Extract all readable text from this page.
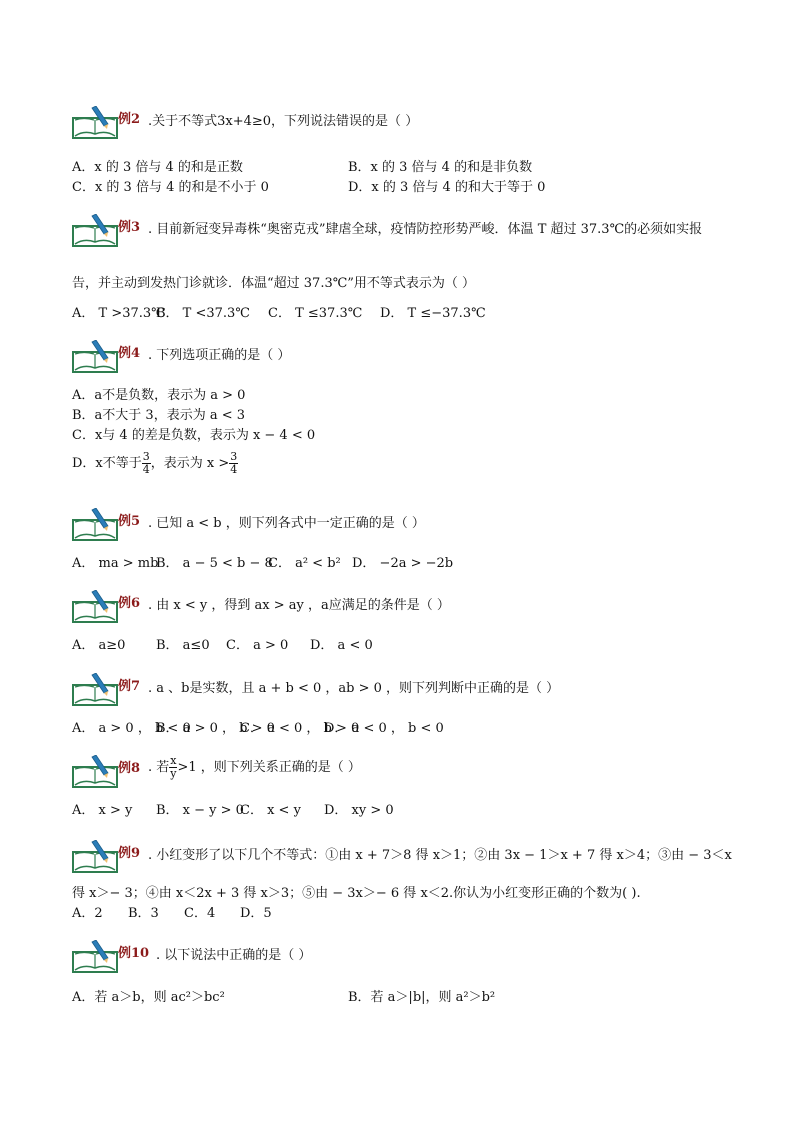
例2 .关于不等式3x+4≥0，下列说法错误的是（ ）
A．x 的 3 倍与 4 的和是正数	B．x 的 3 倍与 4 的和是非负数
C．x 的 3 倍与 4 的和是不小于 0	D．x 的 3 倍与 4 的和大于等于 0
例3 . 目前新冠变异毒株“奥密克戎”肆虐全球，疫情防控形势严峻．体温 T 超过 37.3℃的必须如实报
告，并主动到发热门诊就诊．体温“超过 37.3℃”用不等式表示为（ ）
A． T >37.3℃
B． T <37.3℃	C． T ≤37.3℃	D． T ≤−37.3℃
例4 . 下列选项正确的是（ ）
A．a不是负数，表示为 a > 0
B．a不大于 3，表示为 a < 3
C．x与 4 的差是负数，表示为 x − 4 < 0
D．x不等于 $\frac{3}{4}$ ，表示为 $x > \frac{3}{4}$
例5 . 已知 a < b ，则下列各式中一定正确的是（ ）
A． ma > mb
B． a − 5 < b − 8
C． a² < b² D． −2a > −2b
例6 . 由 x < y ，得到 ax > ay ，a应满足的条件是（ ）
A． a≥0	B． a≤0	C． a > 0	D． a < 0
例7 . a 、b是实数，且 a + b < 0 ，ab > 0 ，则下列判断中正确的是（ ）
A． a > 0 ， b < 0
B． a > 0 ， b > 0
C． a < 0 ， b > 0
D． a < 0 ， b < 0
例8 . 若 $\frac{x}{y} >1$ ，则下列关系正确的是（ ）
A． x > y	B． x − y > 0
C． x < y	D． xy > 0
例9 . 小红变形了以下几个不等式：①由 x + 7＞8 得 x＞1；②由 3x − 1＞x + 7 得 x＞4；③由 − 3＜x
得 x＞− 3；④由 x＜2x + 3 得 x＞3；⑤由 − 3x＞− 6 得 x＜2.你认为小红变形正确的个数为( ).
A．2	B．3	C．4	D．5
例10 . 以下说法中正确的是（ ）
A．若 a＞b，则 ac²＞bc²	B．若 a＞|b|，则 a²＞b²
